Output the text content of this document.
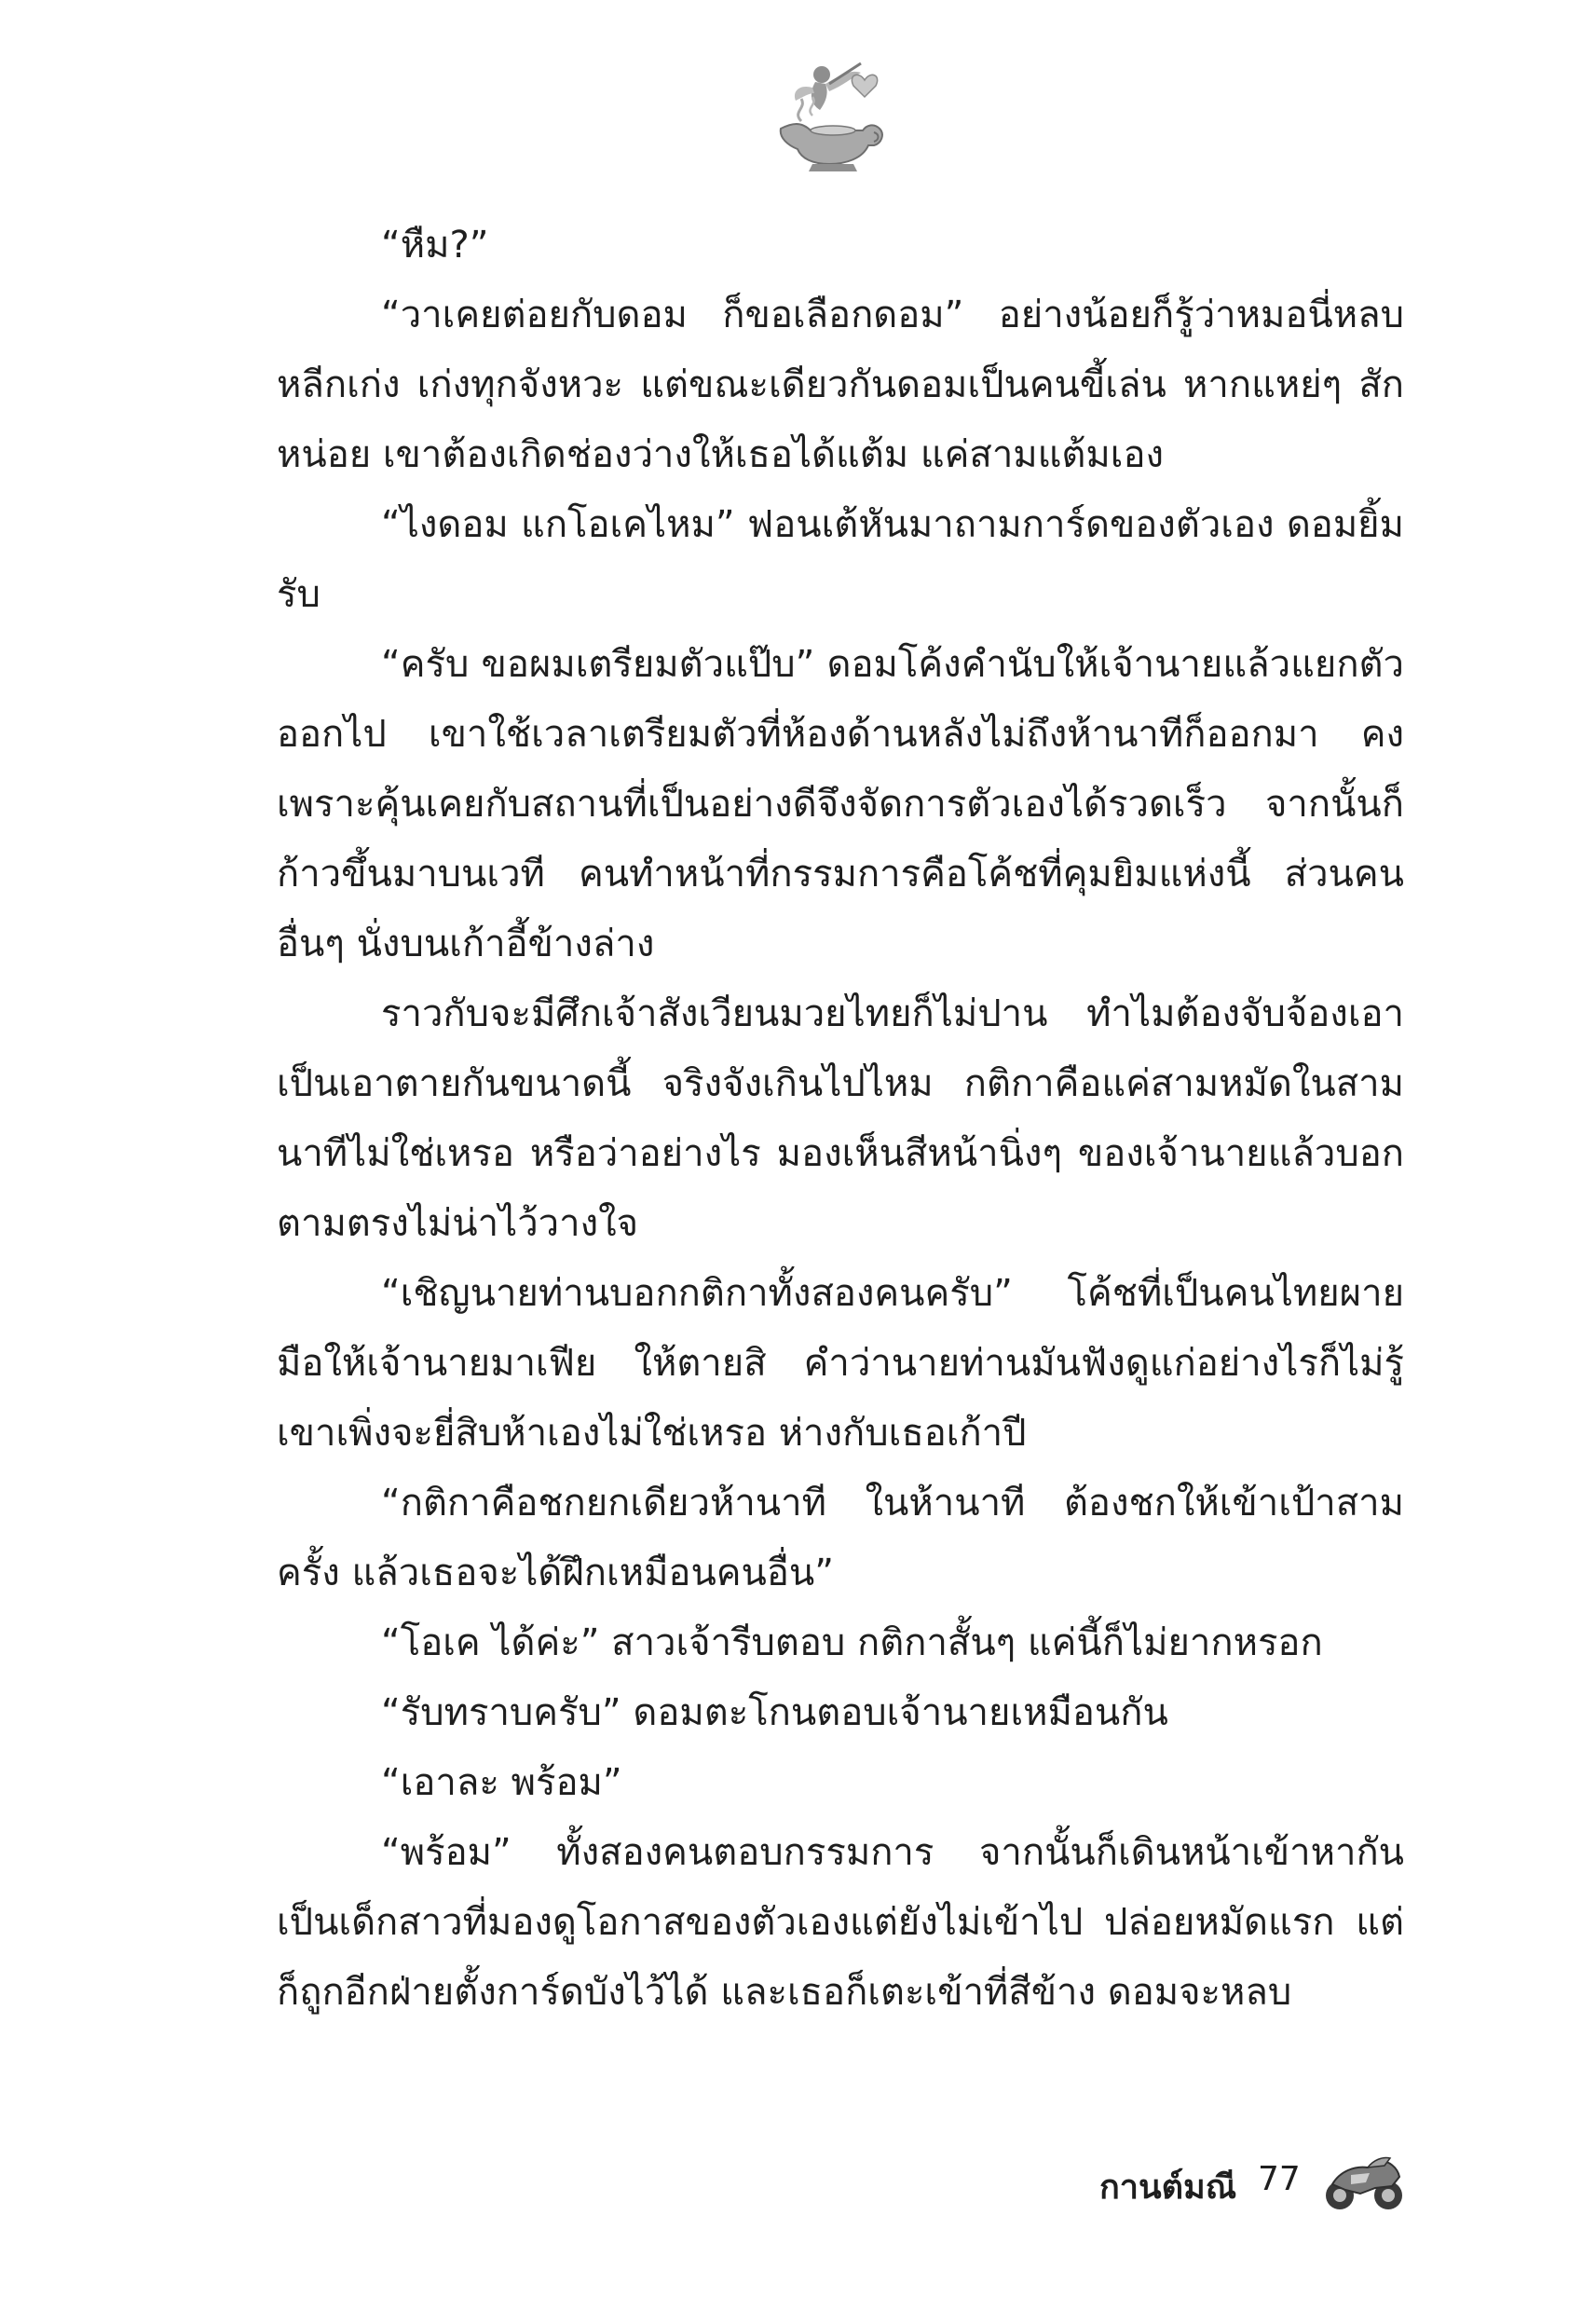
“หืม?”

“วาเคยต่อยกับดอม ก็ขอเลือกดอม” อย่างน้อยก็รู้ว่าหมอนี่หลบหลีกเก่ง เก่งทุกจังหวะ แต่ขณะเดียวกันดอมเป็นคนขี้เล่น หากแหย่ๆ สักหน่อย เขาต้องเกิดช่องว่างให้เธอได้แต้ม แค่สามแต้มเอง

“ไงดอม แกโอเคไหม” ฟอนเต้หันมาถามการ์ดของตัวเอง ดอมยิ้มรับ

“ครับ ขอผมเตรียมตัวแป๊บ” ดอมโค้งคำนับให้เจ้านายแล้วแยกตัวออกไป เขาใช้เวลาเตรียมตัวที่ห้องด้านหลังไม่ถึงห้านาทีก็ออกมา คงเพราะคุ้นเคยกับสถานที่เป็นอย่างดีจึงจัดการตัวเองได้รวดเร็ว จากนั้นก็ก้าวขึ้นมาบนเวที คนทำหน้าที่กรรมการคือโค้ชที่คุมยิมแห่งนี้ ส่วนคนอื่นๆ นั่งบนเก้าอี้ข้างล่าง

ราวกับจะมีศึกเจ้าสังเวียนมวยไทยก็ไม่ปาน ทำไมต้องจับจ้องเอาเป็นเอาตายกันขนาดนี้ จริงจังเกินไปไหม กติกาคือแค่สามหมัดในสามนาทีไม่ใช่เหรอ หรือว่าอย่างไร มองเห็นสีหน้านิ่งๆ ของเจ้านายแล้วบอกตามตรงไม่น่าไว้วางใจ

“เชิญนายท่านบอกกติกาทั้งสองคนครับ” โค้ชที่เป็นคนไทยผายมือให้เจ้านายมาเฟีย ให้ตายสิ คำว่านายท่านมันฟังดูแก่อย่างไรก็ไม่รู้ เขาเพิ่งจะยี่สิบห้าเองไม่ใช่เหรอ ห่างกับเธอเก้าปี

“กติกาคือชกยกเดียวห้านาที ในห้านาที ต้องชกให้เข้าเป้าสามครั้ง แล้วเธอจะได้ฝึกเหมือนคนอื่น”

“โอเค ได้ค่ะ” สาวเจ้ารีบตอบ กติกาสั้นๆ แค่นี้ก็ไม่ยากหรอก

“รับทราบครับ” ดอมตะโกนตอบเจ้านายเหมือนกัน

“เอาละ พร้อม”

“พร้อม” ทั้งสองคนตอบกรรมการ จากนั้นก็เดินหน้าเข้าหากัน เป็นเด็กสาวที่มองดูโอกาสของตัวเองแต่ยังไม่เข้าไป ปล่อยหมัดแรก แต่ก็ถูกอีกฝ่ายตั้งการ์ดบังไว้ได้ และเธอก็เตะเข้าที่สีข้าง ดอมจะหลบ

กานต์มณี 77
